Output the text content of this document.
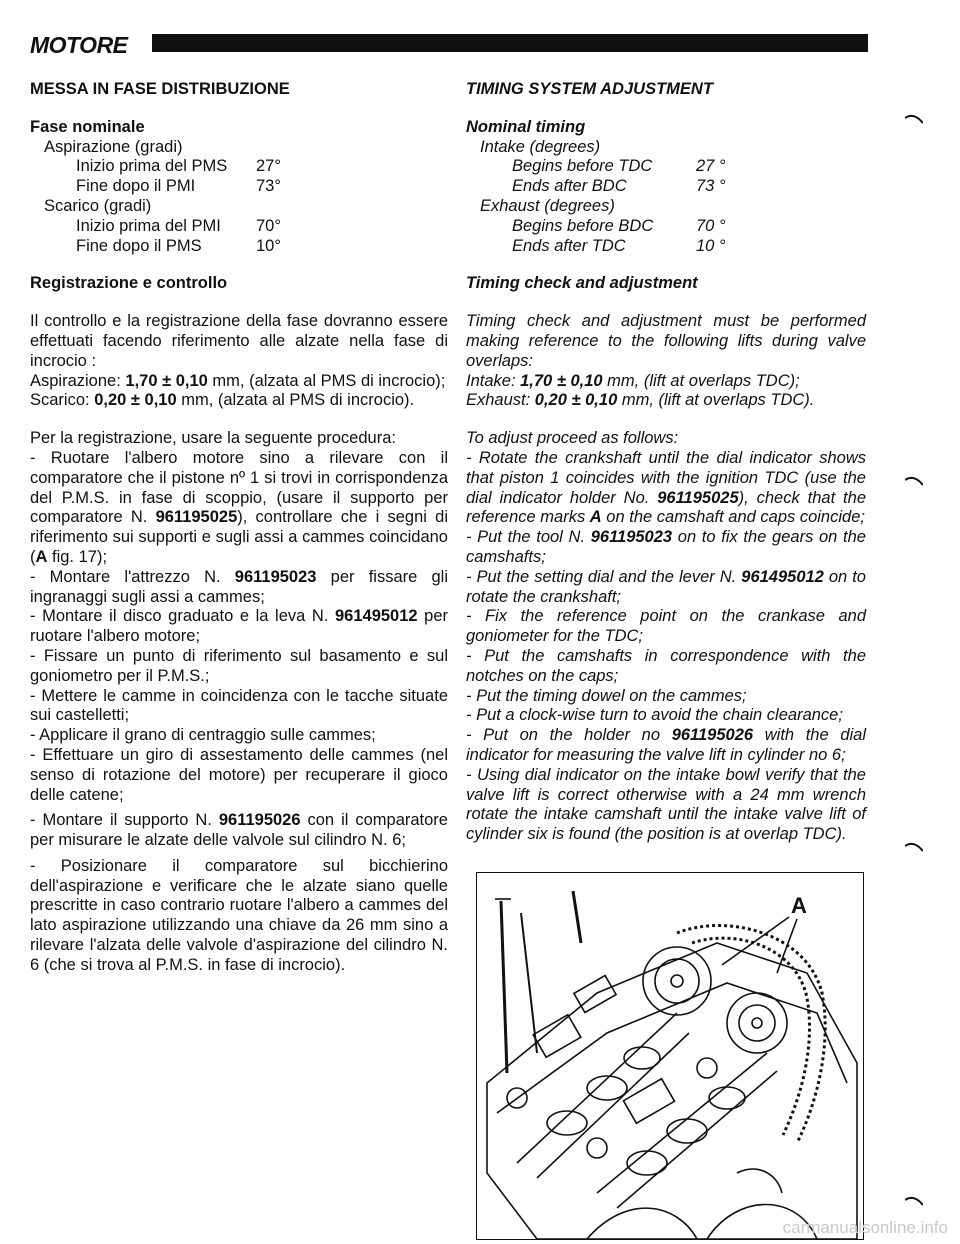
MOTORE

MESSA IN FASE DISTRIBUZIONE

Fase nominale

Aspirazione (gradi)
Inizio prima del PMS	27°
Fine dopo il PMI	73°
Scarico (gradi)
Inizio prima del PMI	70°
Fine dopo il PMS	10°

Registrazione e controllo

Il controllo e la registrazione della fase dovranno essere effettuati facendo riferimento alle alzate nella fase di incrocio :

Aspirazione: 1,70 ± 0,10 mm, (alzata al PMS di incrocio);

Scarico: 0,20 ± 0,10 mm, (alzata al PMS di incrocio).

Per la registrazione, usare la seguente procedura:

- Ruotare l'albero motore sino a rilevare con il comparatore che il pistone nº 1 si trovi in corrispondenza del P.M.S. in fase di scoppio, (usare il supporto per comparatore N. 961195025), controllare che i segni di riferimento sui supporti e sugli assi a cammes coincidano (A fig. 17);

- Montare l'attrezzo N. 961195023 per fissare gli ingranaggi sugli assi a cammes;

- Montare il disco graduato e la leva N. 961495012 per ruotare l'albero motore;

- Fissare un punto di riferimento sul basamento e sul goniometro per il P.M.S.;

- Mettere le camme in coincidenza con le tacche situate sui castelletti;

- Applicare il grano di centraggio sulle cammes;

- Effettuare un giro di assestamento delle cammes (nel senso di rotazione del motore) per recuperare il gioco delle catene;

- Montare il supporto N. 961195026 con il comparatore per misurare le alzate delle valvole sul cilindro N. 6;

- Posizionare il comparatore sul bicchierino dell'aspirazione e verificare che le alzate siano quelle prescritte in caso contrario ruotare l'albero a cammes del lato aspirazione utilizzando una chiave da 26 mm sino a rilevare l'alzata delle valvole d'aspirazione del cilindro N. 6 (che si trova al P.M.S. in fase di incrocio).

TIMING SYSTEM ADJUSTMENT

Nominal timing

Intake (degrees)
Begins before TDC	27 °
Ends after BDC	73 °
Exhaust (degrees)
Begins before BDC	70 °
Ends after TDC	10 °

Timing check and adjustment

Timing check and adjustment must be performed making reference to the following lifts during valve overlaps:

Intake: 1,70 ± 0,10 mm, (lift at overlaps TDC);

Exhaust: 0,20 ± 0,10 mm, (lift at overlaps TDC).

To adjust proceed as follows:

- Rotate the crankshaft until the dial indicator shows that piston 1 coincides with the ignition TDC (use the dial indicator holder No. 961195025), check that the reference marks A on the camshaft and caps coincide;

- Put the tool N. 961195023 on to fix the gears on the camshafts;

- Put the setting dial and the lever N. 961495012 on to rotate the crankshaft;

- Fix the reference point on the crankase and goniometer for the TDC;

- Put the camshafts in correspondence with the notches on the caps;

- Put the timing dowel on the cammes;

- Put a clock-wise turn to avoid the chain clearance;

- Put on the holder no 961195026 with the dial indicator for measuring the valve lift in cylinder no 6;

- Using dial indicator on the intake bowl verify that the valve lift is correct otherwise with a 24 mm wrench rotate the intake camshaft until the intake valve lift of cylinder six is found (the position is at overlap TDC).

A
carmanualsonline.info
